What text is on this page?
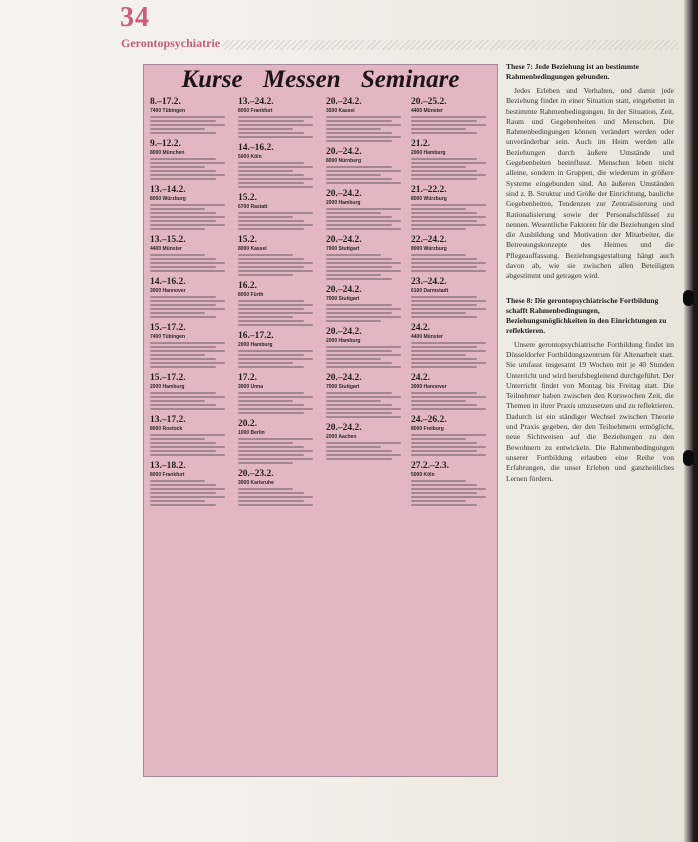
34
Gerontopsychiatrie
Kurse Messen Seminare
8.–17.2.
7400 Tübingen
9.–12.2.
8000 München
13.–14.2.
8000 Würzburg
13.–15.2.
4400 Münster
14.–16.2.
3000 Hannover
15.–17.2.
7400 Tübingen
15.–17.2.
2000 Hamburg
13.–17.2.
8000 Rostock
13.–18.2.
8000 Frankfurt
13.–24.2.
8000 Frankfurt
14.–16.2.
5000 Köln
15.2.
6700 Rastatt
15.2.
8000 Kassel
16.2.
8000 Fürth
16.–17.2.
2000 Hamburg
17.2.
3000 Unna
20.2.
1000 Berlin
20.–23.2.
3000 Karlsruhe
20.–24.2.
3500 Kassel
20.–24.2.
8000 Nürnberg
20.–24.2.
2000 Hamburg
20.–24.2.
7000 Stuttgart
20.–24.2.
7000 Stuttgart
20.–24.2.
2000 Hamburg
20.–24.2.
7000 Stuttgart
20.–24.2.
2000 Aachen
20.–25.2.
4400 Münster
21.2.
2000 Hamburg
21.–22.2.
8000 Würzburg
22.–24.2.
8000 Würzburg
23.–24.2.
6100 Darmstadt
24.2.
4400 Münster
24.2.
3000 Hannover
24.–26.2.
8000 Freiburg
27.2.–2.3.
5000 Köln
These 7: Jede Beziehung ist an bestimmte Rahmenbedingungen gebunden.

Jedes Erleben und Verhalten, und damit jede Beziehung findet in einer Situation statt, eingebettet in bestimmte Rahmenbedingungen. In der Situation, Zeit, Raum und Gegebenheiten und Menschen. Die Rahmenbedingungen können verändert werden oder unveränderbar sein. Auch im Heim werden alle Beziehungen durch äußere Umstände und Gegebenheiten beeinflusst. Menschen leben nicht alleine, sondern in Gruppen, die wiederum in größere Systeme eingebunden sind. An äußeren Umständen sind z. B. Struktur und Größe der Einrichtung, bauliche Gegebenheiten, Tendenzen zur Zentralisierung und Rationalisierung sowie der Personalschlüssel zu nennen. Wesentliche Faktoren für die Beziehungen sind die Ausbildung und Motivation der Mitarbeiter, die Betreuungskonzepte des Heimes und die Pflegeauffassung. Beziehungsgestaltung hängt auch davon ab, wie sie zwischen allen Beteiligten abgestimmt und getragen wird.

These 8: Die gerontopsychiatrische Fortbildung schafft Rahmenbedingungen, Beziehungsmöglichkeiten in den Einrichtungen zu reflektieren.

Unsere gerontopsychiatrische Fortbildung findet im Düsseldorfer Fortbildungszentrum für Altenarbeit statt. Sie umfasst insgesamt 19 Wochen mit je 40 Stunden Unterricht und wird berufsbegleitend durchgeführt. Der Unterricht findet von Montag bis Freitag statt. Die Teilnehmer haben zwischen den Kurswochen Zeit, die Themen in ihrer Praxis umzusetzen und zu reflektieren. Dadurch ist ein ständiger Wechsel zwischen Theorie und Praxis gegeben, der den Teilnehmern ermöglicht, neue Sichtweisen auf die Beziehungen zu den Bewohnern zu entwickeln. Die Rahmenbedingungen unserer Fortbildung erlauben eine Reihe von Erfahrungen, die unser Erleben und ganzheitliches Lernen fördern.
